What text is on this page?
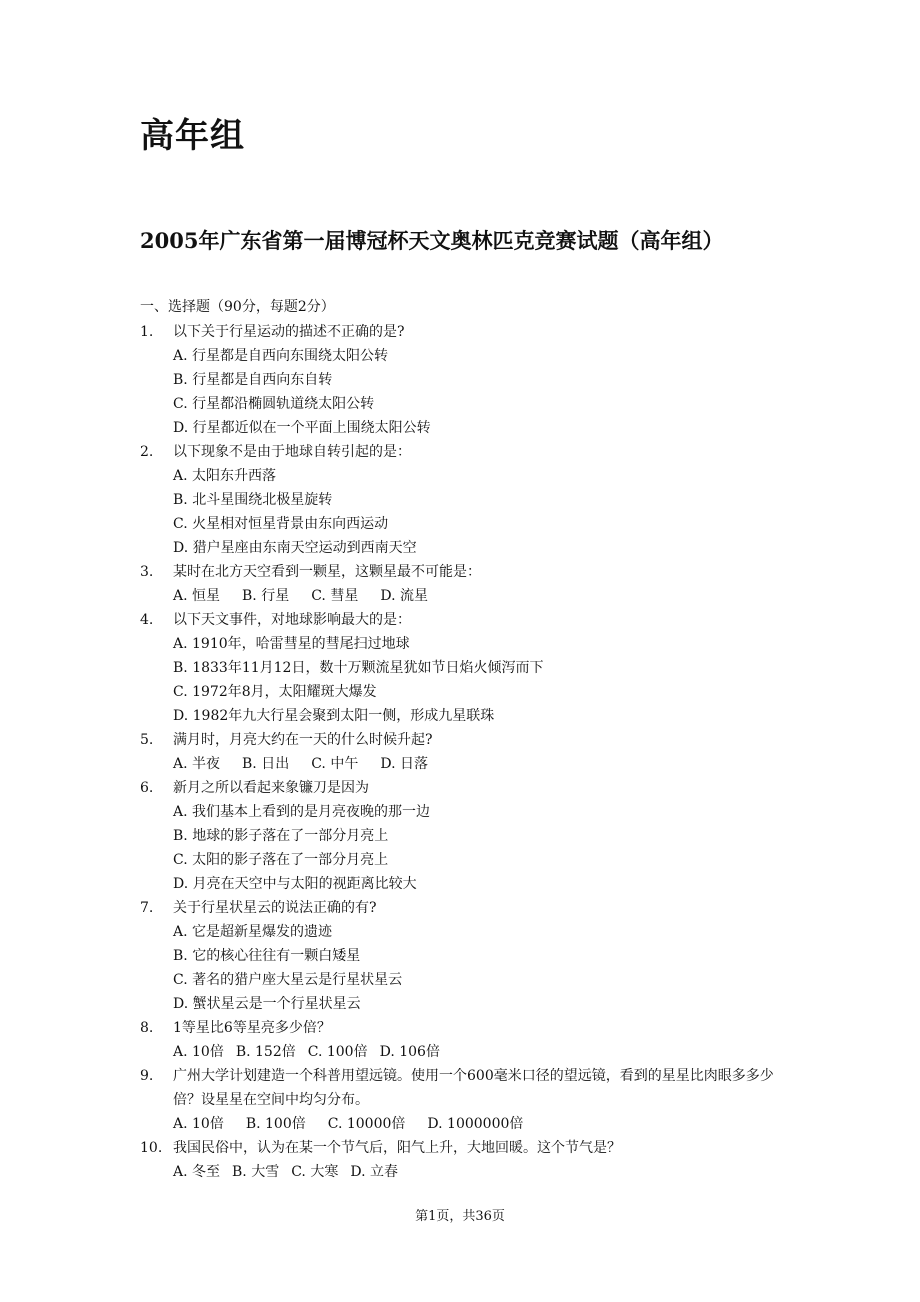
高年组
2005年广东省第一届博冠杯天文奥林匹克竞赛试题（高年组）
一、选择题（90分，每题2分）
1. 以下关于行星运动的描述不正确的是?
A. 行星都是自西向东围绕太阳公转
B. 行星都是自西向东自转
C. 行星都沿椭圆轨道绕太阳公转
D. 行星都近似在一个平面上围绕太阳公转
2. 以下现象不是由于地球自转引起的是：
A. 太阳东升西落
B. 北斗星围绕北极星旋转
C. 火星相对恒星背景由东向西运动
D. 猎户星座由东南天空运动到西南天空
3. 某时在北方天空看到一颗星，这颗星最不可能是：
A. 恒星 B. 行星 C. 彗星 D. 流星
4. 以下天文事件，对地球影响最大的是：
A. 1910年，哈雷彗星的彗尾扫过地球
B. 1833年11月12日，数十万颗流星犹如节日焰火倾泻而下
C. 1972年8月，太阳耀斑大爆发
D. 1982年九大行星会聚到太阳一侧，形成九星联珠
5. 满月时，月亮大约在一天的什么时候升起?
A. 半夜 B. 日出 C. 中午 D. 日落
6. 新月之所以看起来象镰刀是因为
A. 我们基本上看到的是月亮夜晚的那一边
B. 地球的影子落在了一部分月亮上
C. 太阳的影子落在了一部分月亮上
D. 月亮在天空中与太阳的视距离比较大
7. 关于行星状星云的说法正确的有?
A. 它是超新星爆发的遗迹
B. 它的核心往往有一颗白矮星
C. 著名的猎户座大星云是行星状星云
D. 蟹状星云是一个行星状星云
8. 1等星比6等星亮多少倍？
A. 10倍 B. 152倍 C. 100倍 D. 106倍
9. 广州大学计划建造一个科普用望远镜。使用一个600毫米口径的望远镜，看到的星星比肉眼多多少倍？设星星在空间中均匀分布。
A. 10倍 B. 100倍 C. 10000倍 D. 1000000倍
10. 我国民俗中，认为在某一个节气后，阳气上升，大地回暖。这个节气是？
A. 冬至 B. 大雪 C. 大寒 D. 立春
第1页，共36页
